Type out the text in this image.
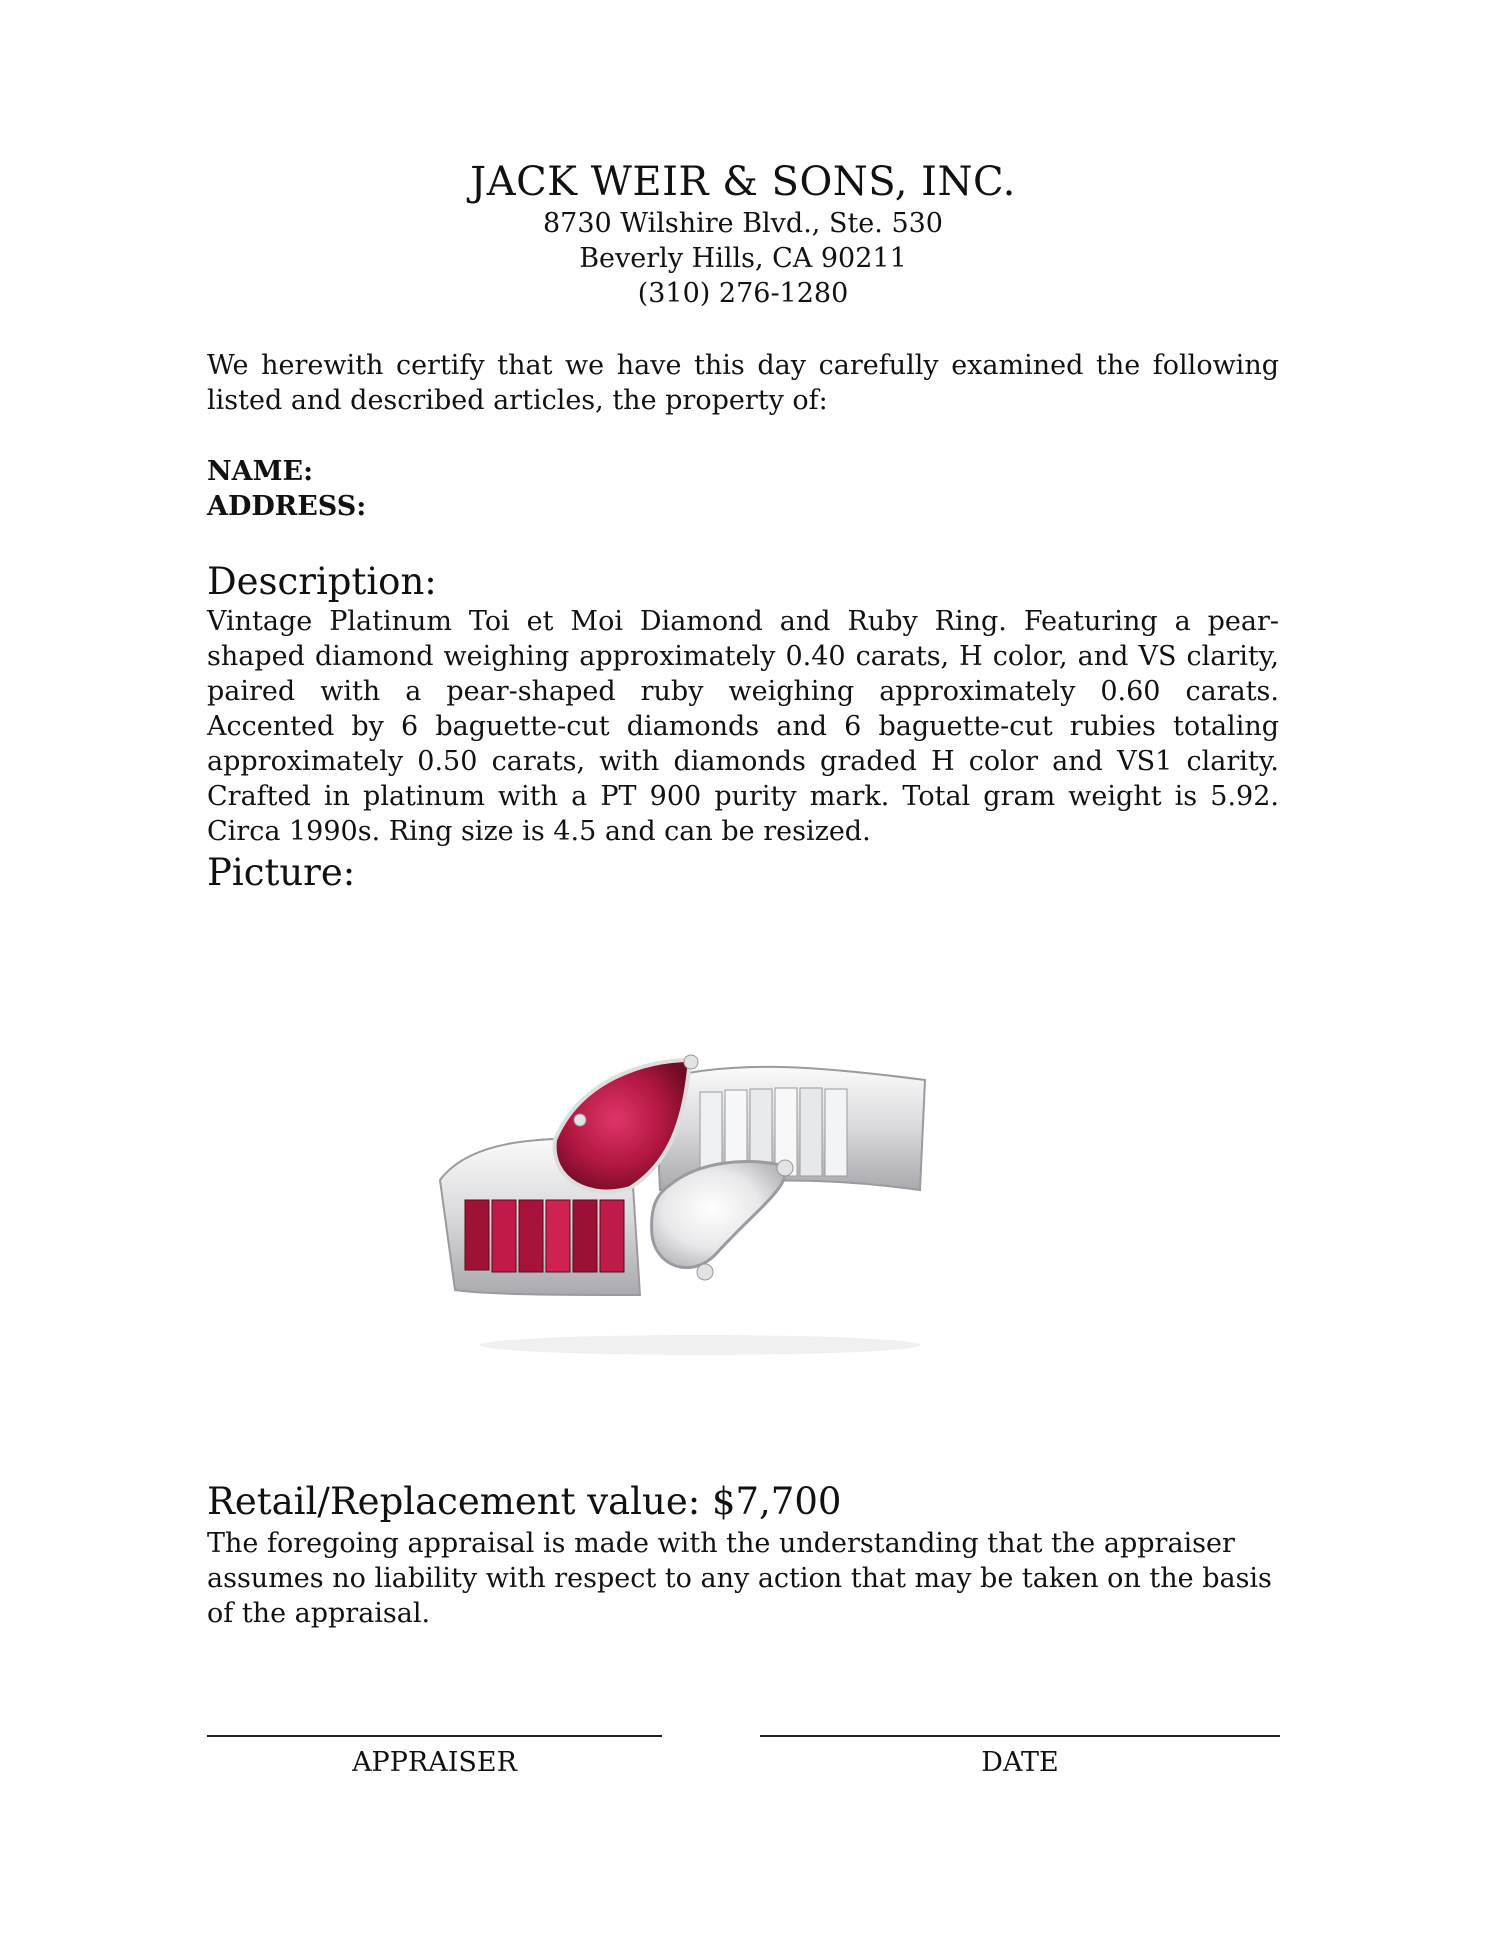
JACK WEIR & SONS, INC.
8730 Wilshire Blvd., Ste. 530
Beverly Hills, CA 90211
(310) 276-1280
We herewith certify that we have this day carefully examined the following listed and described articles, the property of:
NAME:
ADDRESS:
Description:
Vintage Platinum Toi et Moi Diamond and Ruby Ring. Featuring a pear-shaped diamond weighing approximately 0.40 carats, H color, and VS clarity, paired with a pear-shaped ruby weighing approximately 0.60 carats. Accented by 6 baguette-cut diamonds and 6 baguette-cut rubies totaling approximately 0.50 carats, with diamonds graded H color and VS1 clarity. Crafted in platinum with a PT 900 purity mark. Total gram weight is 5.92. Circa 1990s. Ring size is 4.5 and can be resized.
Picture:
Retail/Replacement value: $7,700
The foregoing appraisal is made with the understanding that the appraiser assumes no liability with respect to any action that may be taken on the basis of the appraisal.
APPRAISER	DATE
